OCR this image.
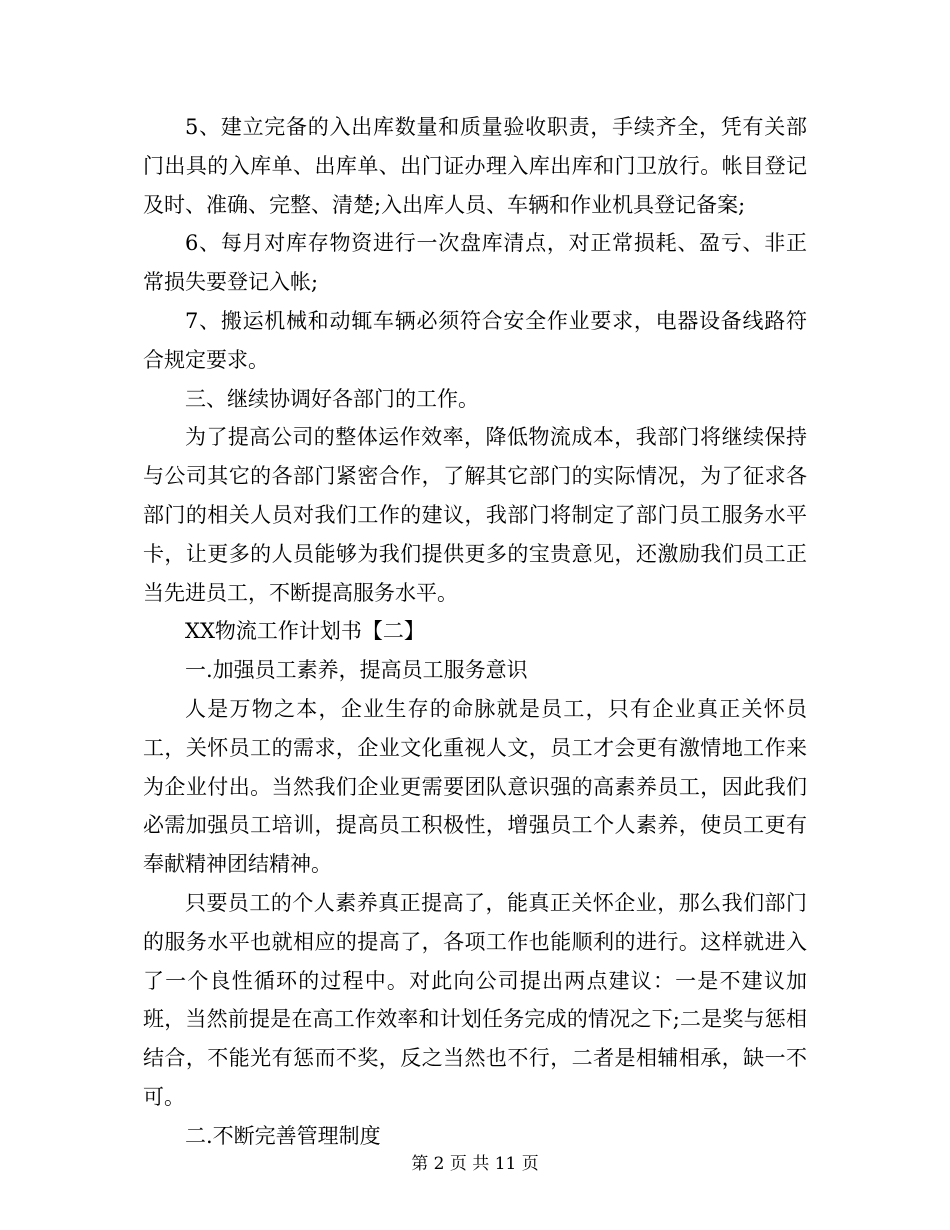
5、建立完备的入出库数量和质量验收职责，手续齐全，凭有关部门出具的入库单、出库单、出门证办理入库出库和门卫放行。帐目登记及时、准确、完整、清楚;入出库人员、车辆和作业机具登记备案;

6、每月对库存物资进行一次盘库清点，对正常损耗、盈亏、非正常损失要登记入帐;

7、搬运机械和动辄车辆必须符合安全作业要求，电器设备线路符合规定要求。

三、继续协调好各部门的工作。

为了提高公司的整体运作效率，降低物流成本，我部门将继续保持与公司其它的各部门紧密合作，了解其它部门的实际情况，为了征求各部门的相关人员对我们工作的建议，我部门将制定了部门员工服务水平卡，让更多的人员能够为我们提供更多的宝贵意见，还激励我们员工正当先进员工，不断提高服务水平。

XX物流工作计划书【二】

一.加强员工素养，提高员工服务意识

人是万物之本，企业生存的命脉就是员工，只有企业真正关怀员工，关怀员工的需求，企业文化重视人文，员工才会更有激情地工作来为企业付出。当然我们企业更需要团队意识强的高素养员工，因此我们必需加强员工培训，提高员工积极性，增强员工个人素养，使员工更有奉献精神团结精神。

只要员工的个人素养真正提高了，能真正关怀企业，那么我们部门的服务水平也就相应的提高了，各项工作也能顺利的进行。这样就进入了一个良性循环的过程中。对此向公司提出两点建议：一是不建议加班，当然前提是在高工作效率和计划任务完成的情况之下;二是奖与惩相结合，不能光有惩而不奖，反之当然也不行，二者是相辅相承，缺一不可。

二.不断完善管理制度

第 2 页 共 11 页
